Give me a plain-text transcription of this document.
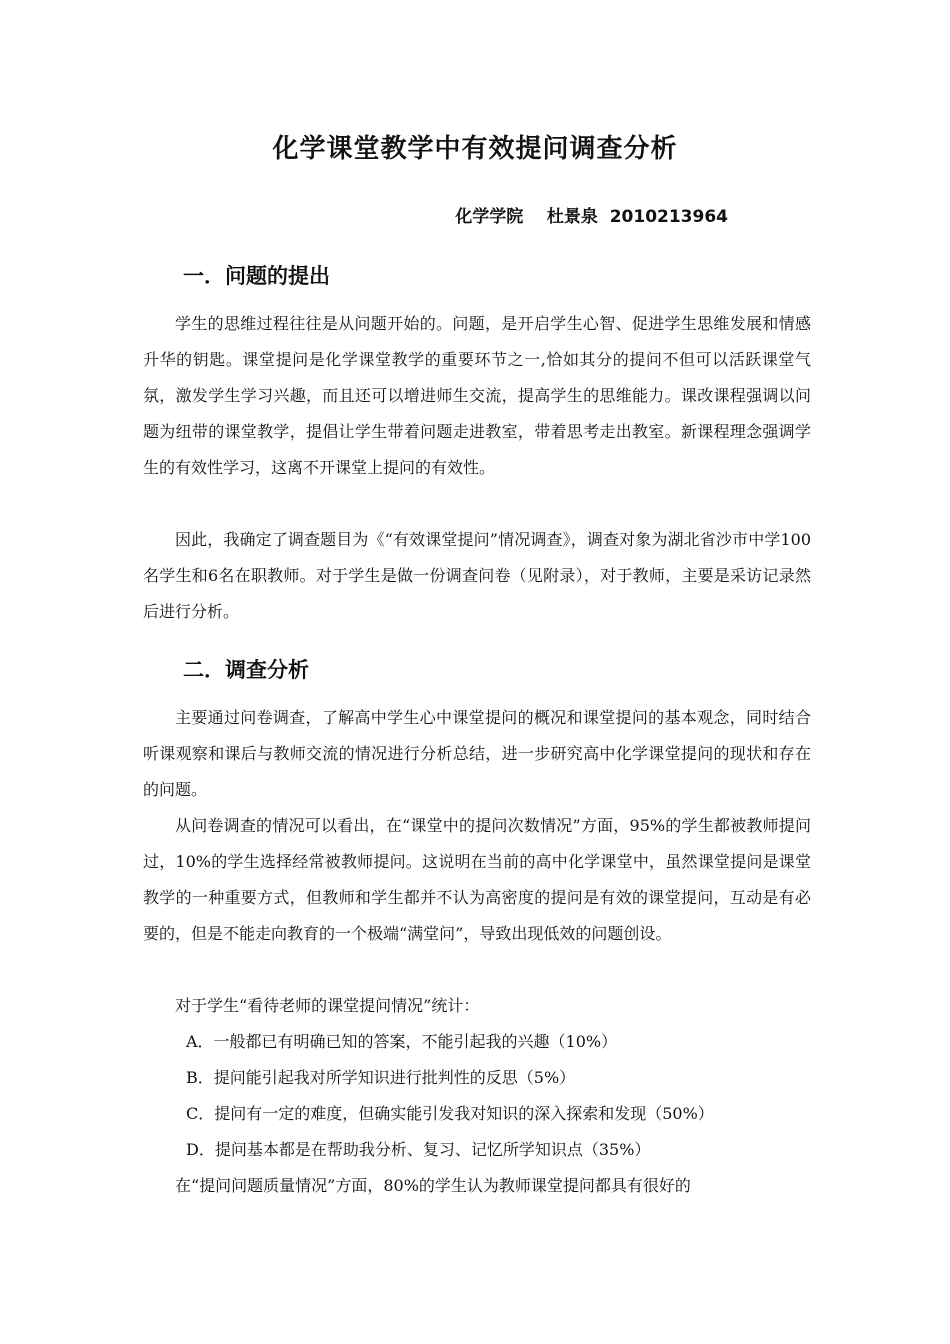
化学课堂教学中有效提问调查分析

化学学院    杜景泉  2010213964

一．问题的提出

学生的思维过程往往是从问题开始的。问题，是开启学生心智、促进学生思维发展和情感升华的钥匙。课堂提问是化学课堂教学的重要环节之一,恰如其分的提问不但可以活跃课堂气氛，激发学生学习兴趣，而且还可以增进师生交流，提高学生的思维能力。课改课程强调以问题为纽带的课堂教学，提倡让学生带着问题走进教室，带着思考走出教室。新课程理念强调学生的有效性学习，这离不开课堂上提问的有效性。

因此，我确定了调查题目为《“有效课堂提问”情况调查》，调查对象为湖北省沙市中学100名学生和6名在职教师。对于学生是做一份调查问卷（见附录），对于教师，主要是采访记录然后进行分析。

二．调查分析

主要通过问卷调查，了解高中学生心中课堂提问的概况和课堂提问的基本观念，同时结合听课观察和课后与教师交流的情况进行分析总结，进一步研究高中化学课堂提问的现状和存在的问题。

从问卷调查的情况可以看出，在“课堂中的提问次数情况”方面，95%的学生都被教师提问过，10%的学生选择经常被教师提问。这说明在当前的高中化学课堂中，虽然课堂提问是课堂教学的一种重要方式，但教师和学生都并不认为高密度的提问是有效的课堂提问，互动是有必要的，但是不能走向教育的一个极端“满堂问”，导致出现低效的问题创设。

对于学生“看待老师的课堂提问情况”统计：

A．一般都已有明确已知的答案，不能引起我的兴趣（10%）

B．提问能引起我对所学知识进行批判性的反思（5%）

C．提问有一定的难度，但确实能引发我对知识的深入探索和发现（50%）

D．提问基本都是在帮助我分析、复习、记忆所学知识点（35%）

在“提问问题质量情况”方面，80%的学生认为教师课堂提问都具有很好的
